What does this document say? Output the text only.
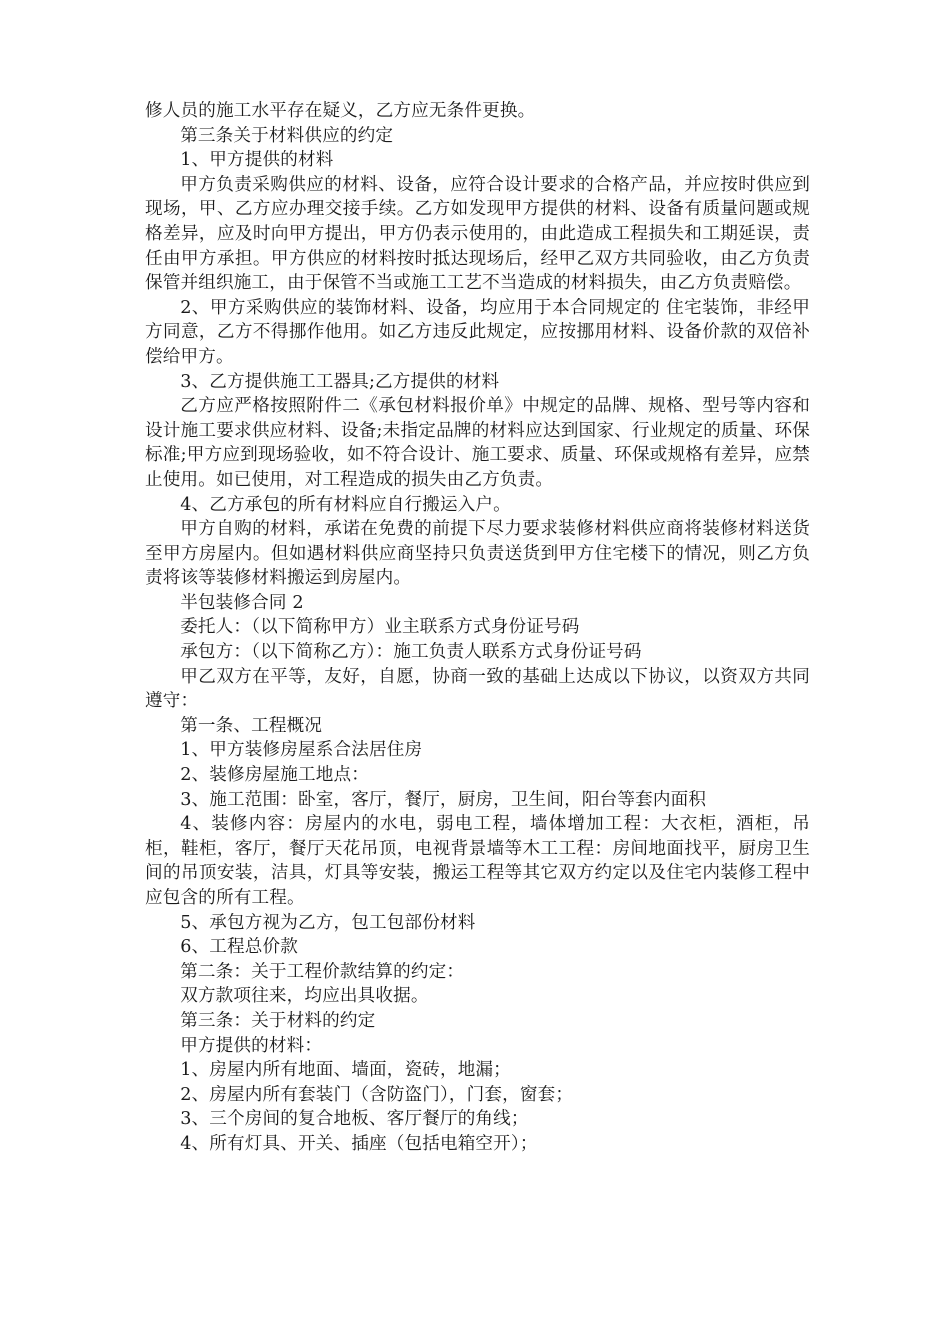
修人员的施工水平存在疑义，乙方应无条件更换。

第三条关于材料供应的约定

1、甲方提供的材料

甲方负责采购供应的材料、设备，应符合设计要求的合格产品，并应按时供应到现场，甲、乙方应办理交接手续。乙方如发现甲方提供的材料、设备有质量问题或规格差异，应及时向甲方提出，甲方仍表示使用的，由此造成工程损失和工期延误，责任由甲方承担。甲方供应的材料按时抵达现场后，经甲乙双方共同验收，由乙方负责保管并组织施工，由于保管不当或施工工艺不当造成的材料损失，由乙方负责赔偿。

2、甲方采购供应的装饰材料、设备，均应用于本合同规定的 住宅装饰，非经甲方同意，乙方不得挪作他用。如乙方违反此规定，应按挪用材料、设备价款的双倍补偿给甲方。

3、乙方提供施工工器具;乙方提供的材料

乙方应严格按照附件二《承包材料报价单》中规定的品牌、规格、型号等内容和设计施工要求供应材料、设备;未指定品牌的材料应达到国家、行业规定的质量、环保标准;甲方应到现场验收，如不符合设计、施工要求、质量、环保或规格有差异，应禁止使用。如已使用，对工程造成的损失由乙方负责。

4、乙方承包的所有材料应自行搬运入户。

甲方自购的材料，承诺在免费的前提下尽力要求装修材料供应商将装修材料送货至甲方房屋内。但如遇材料供应商坚持只负责送货到甲方住宅楼下的情况，则乙方负责将该等装修材料搬运到房屋内。

半包装修合同 2

委托人：（以下简称甲方）业主联系方式身份证号码

承包方：（以下简称乙方）：施工负责人联系方式身份证号码

甲乙双方在平等，友好，自愿，协商一致的基础上达成以下协议，以资双方共同遵守：

第一条、工程概况

1、甲方装修房屋系合法居住房

2、装修房屋施工地点：

3、施工范围：卧室，客厅，餐厅，厨房，卫生间，阳台等套内面积

4、装修内容：房屋内的水电，弱电工程，墙体增加工程：大衣柜，酒柜，吊柜，鞋柜，客厅，餐厅天花吊顶，电视背景墙等木工工程：房间地面找平，厨房卫生间的吊顶安装，洁具，灯具等安装，搬运工程等其它双方约定以及住宅内装修工程中应包含的所有工程。

5、承包方视为乙方，包工包部份材料

6、工程总价款

第二条：关于工程价款结算的约定：

双方款项往来，均应出具收据。

第三条：关于材料的约定

甲方提供的材料：

1、房屋内所有地面、墙面，瓷砖，地漏；

2、房屋内所有套装门（含防盗门），门套，窗套；

3、三个房间的复合地板、客厅餐厅的角线；

4、所有灯具、开关、插座（包括电箱空开）；
